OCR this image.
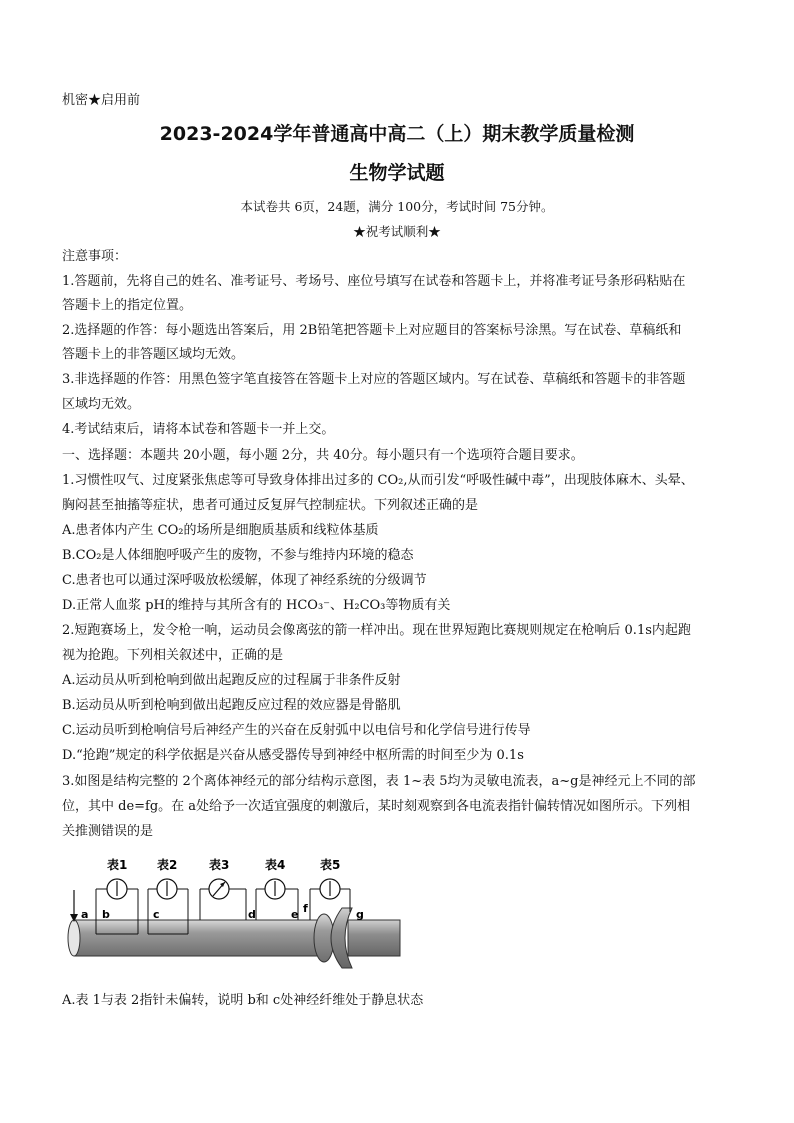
机密★启用前
2023-2024学年普通高中高二（上）期末教学质量检测
生物学试题
本试卷共 6页，24题，满分 100分，考试时间 75分钟。
★祝考试顺利★
注意事项：
1.答题前，先将自己的姓名、准考证号、考场号、座位号填写在试卷和答题卡上，并将准考证号条形码粘贴在
答题卡上的指定位置。
2.选择题的作答：每小题选出答案后，用 2B铅笔把答题卡上对应题目的答案标号涂黑。写在试卷、草稿纸和
答题卡上的非答题区域均无效。
3.非选择题的作答：用黑色签字笔直接答在答题卡上对应的答题区域内。写在试卷、草稿纸和答题卡的非答题
区域均无效。
4.考试结束后，请将本试卷和答题卡一并上交。
一、选择题：本题共 20小题，每小题 2分，共 40分。每小题只有一个选项符合题目要求。
1.习惯性叹气、过度紧张焦虑等可导致身体排出过多的 CO₂,从而引发“呼吸性碱中毒”，出现肢体麻木、头晕、
胸闷甚至抽搐等症状，患者可通过反复屏气控制症状。下列叙述正确的是
A.患者体内产生 CO₂的场所是细胞质基质和线粒体基质
B.CO₂是人体细胞呼吸产生的废物，不参与维持内环境的稳态
C.患者也可以通过深呼吸放松缓解，体现了神经系统的分级调节
D.正常人血浆 pH的维持与其所含有的 HCO₃⁻、H₂CO₃等物质有关
2.短跑赛场上，发令枪一响，运动员会像离弦的箭一样冲出。现在世界短跑比赛规则规定在枪响后 0.1s内起跑
视为抢跑。下列相关叙述中，正确的是
A.运动员从听到枪响到做出起跑反应的过程属于非条件反射
B.运动员从听到枪响到做出起跑反应过程的效应器是骨骼肌
C.运动员听到枪响信号后神经产生的兴奋在反射弧中以电信号和化学信号进行传导
D.“抢跑”规定的科学依据是兴奋从感受器传导到神经中枢所需的时间至少为 0.1s
3.如图是结构完整的 2个离体神经元的部分结构示意图，表 1~表 5均为灵敏电流表，a~g是神经元上不同的部
位，其中 de=fg。在 a处给予一次适宜强度的刺激后，某时刻观察到各电流表指针偏转情况如图所示。下列相
关推测错误的是
表1 表2	表3	表4	表5
a b	c	d	e f	g
A.表 1与表 2指针未偏转，说明 b和 c处神经纤维处于静息状态
